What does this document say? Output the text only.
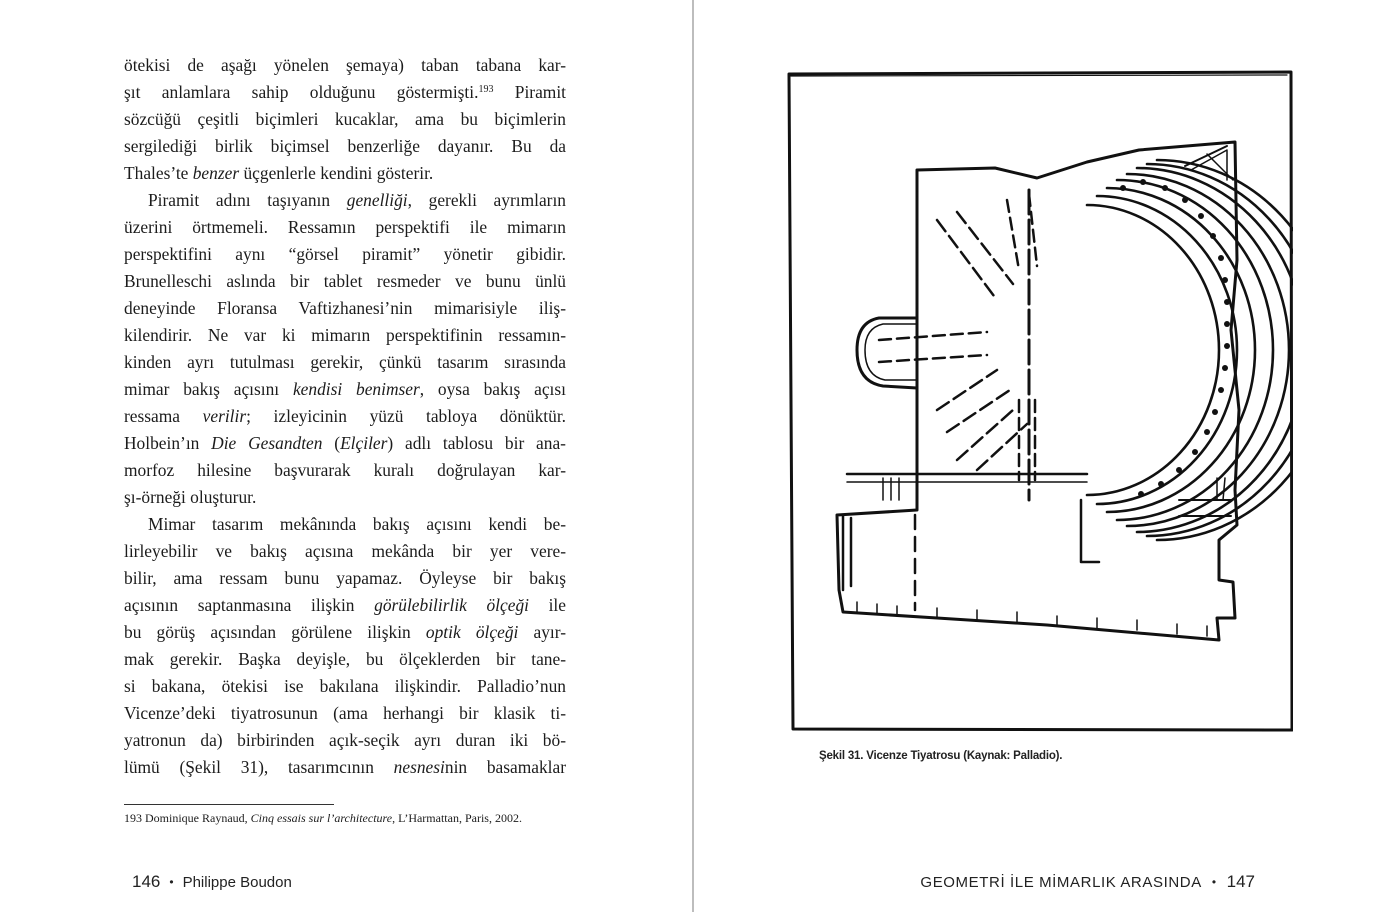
ötekisi de aşağı yönelen şemaya) taban tabana kar-
şıt anlamlara sahip olduğunu göstermişti.$^{193}$ Piramit
sözcüğü çeşitli biçimleri kucaklar, ama bu biçimlerin
sergilediği birlik biçimsel benzerliğe dayanır. Bu da
Thales’te benzer üçgenlerle kendini gösterir.
Piramit adını taşıyanın genelliği, gerekli ayrımların
üzerini örtmemeli. Ressamın perspektifi ile mimarın
perspektifini aynı “görsel piramit” yönetir gibidir.
Brunelleschi aslında bir tablet resmeder ve bunu ünlü
deneyinde Floransa Vaftizhanesi’nin mimarisiyle iliş-
kilendirir. Ne var ki mimarın perspektifinin ressamın-
kinden ayrı tutulması gerekir, çünkü tasarım sırasında
mimar bakış açısını kendisi benimser, oysa bakış açısı
ressama verilir; izleyicinin yüzü tabloya dönüktür.
Holbein’ın Die Gesandten (Elçiler) adlı tablosu bir ana-
morfoz hilesine başvurarak kuralı doğrulayan kar-
şı-örneği oluşturur.
Mimar tasarım mekânında bakış açısını kendi be-
lirleyebilir ve bakış açısına mekânda bir yer vere-
bilir, ama ressam bunu yapamaz. Öyleyse bir bakış
açısının saptanmasına ilişkin görülebilirlik ölçeği ile
bu görüş açısından görülene ilişkin optik ölçeği ayır-
mak gerekir. Başka deyişle, bu ölçeklerden bir tane-
si bakana, ötekisi ise bakılana ilişkindir. Palladio’nun
Vicenze’deki tiyatrosunun (ama herhangi bir klasik ti-
yatronun da) birbirinden açık-seçik ayrı duran iki bö-
lümü (Şekil 31), tasarımcının nesnesinin basamaklar
193 Dominique Raynaud, Cinq essais sur l’architecture, L’Harmattan, Paris, 2002.
146 • Philippe Boudon
Şekil 31. Vicenze Tiyatrosu (Kaynak: Palladio).
GEOMETRİ İLE MİMARLIK ARASINDA • 147
